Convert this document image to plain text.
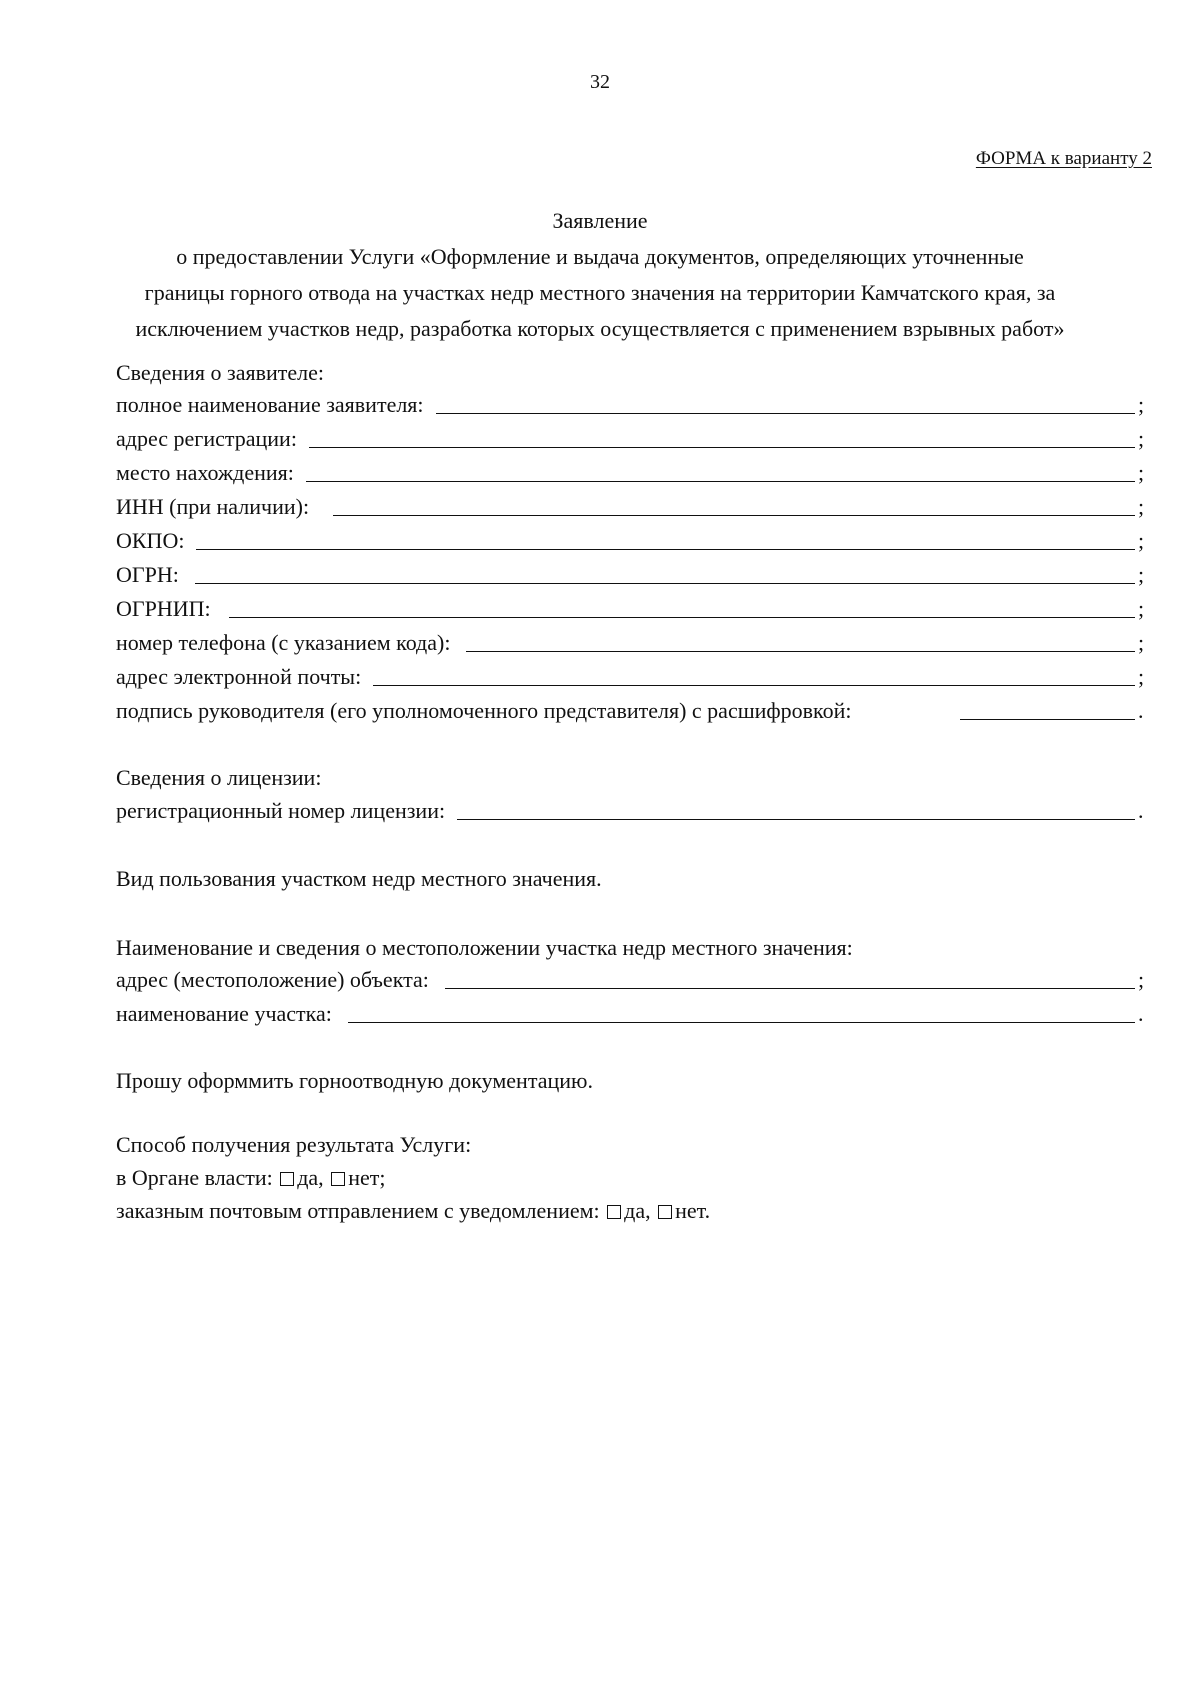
32
ФОРМА к варианту 2
Заявление
о предоставлении Услуги «Оформление и выдача документов, определяющих уточненные
границы горного отвода на участках недр местного значения на территории Камчатского края, за
исключением участков недр, разработка которых осуществляется с применением взрывных работ»
Сведения о заявителе:
полное наименование заявителя:	;
адрес регистрации:	;
место нахождения:	;
ИНН (при наличии):	;
ОКПО:	;
ОГРН:	;
ОГРНИП:	;
номер телефона (с указанием кода):	;
адрес электронной почты:	;
подпись руководителя (его уполномоченного представителя) с расшифровкой:	.
Сведения о лицензии:
регистрационный номер лицензии:	.
Вид пользования участком недр местного значения.
Наименование и сведения о местоположении участка недр местного значения:
адрес (местоположение) объекта:	;
наименование участка:	.
Прошу оформмить горноотводную документацию.
Способ получения результата Услуги:
в Органе власти: да, нет;
заказным почтовым отправлением с уведомлением: да, нет.
